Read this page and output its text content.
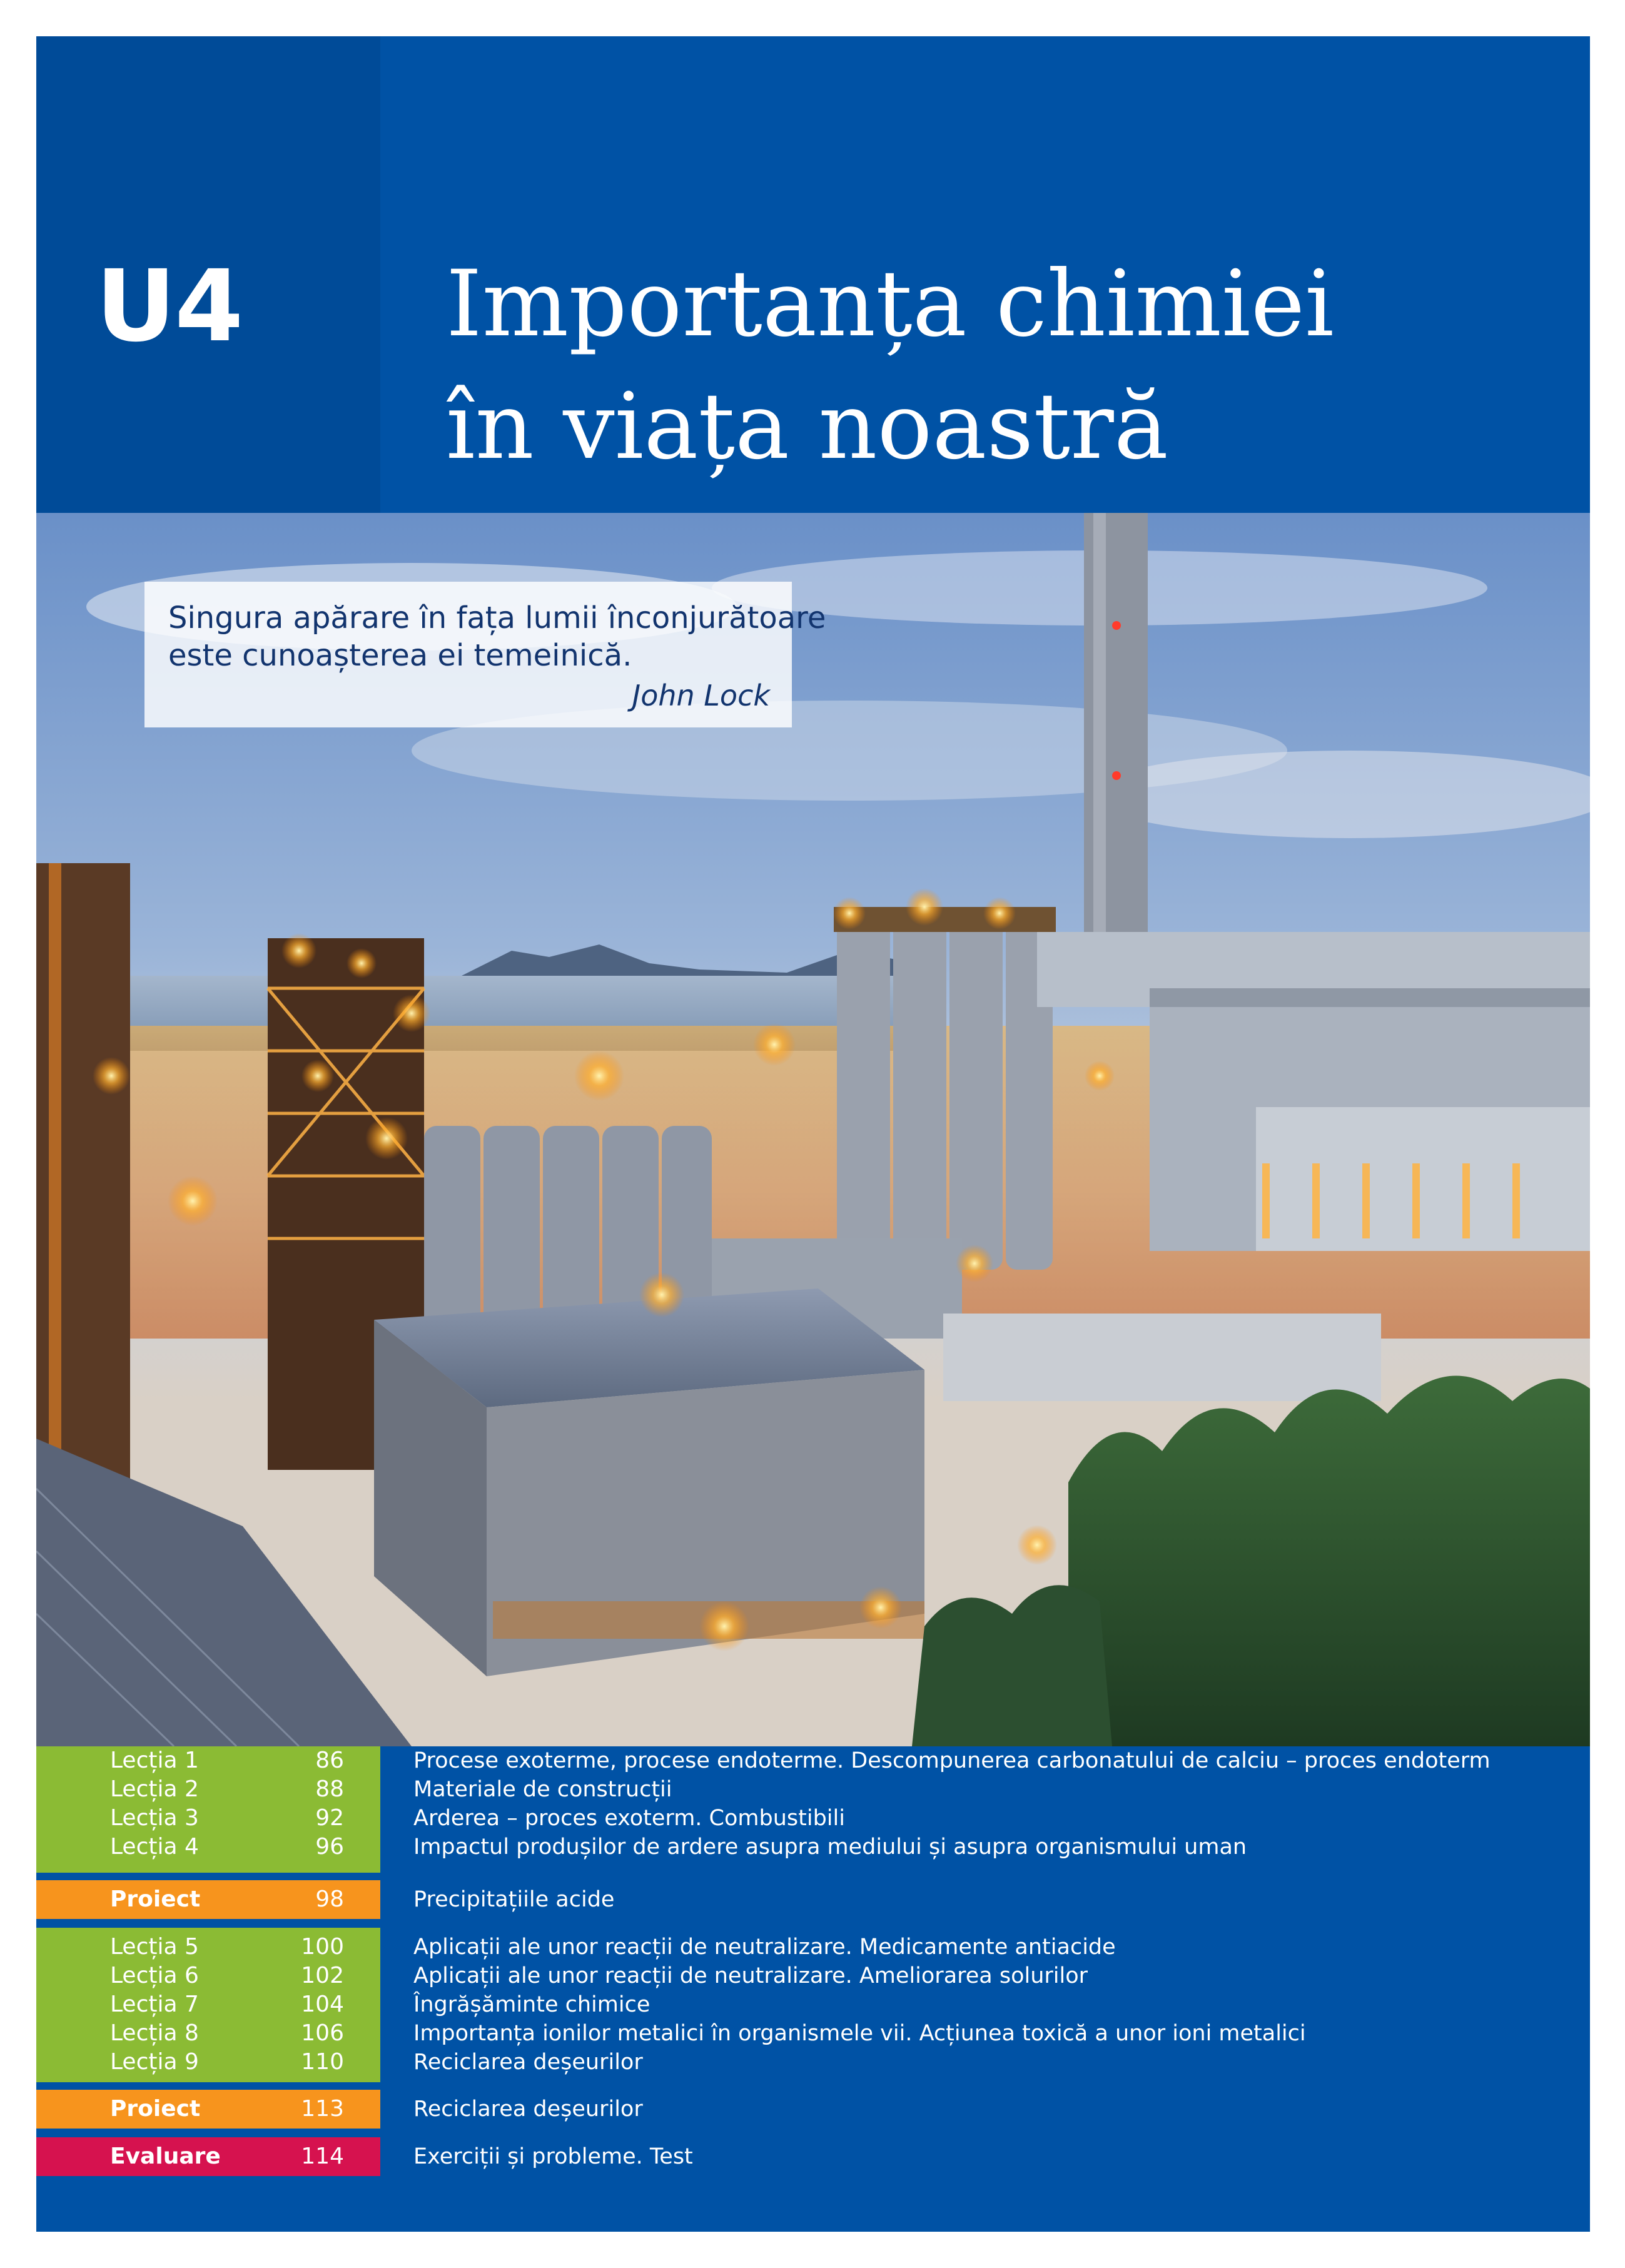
U4 Importanța chimiei
în viața noastră
Singura apărare în fața lumii înconjurătoare
este cunoașterea ei temeinică.
John Lock
Lecția 1	86	Procese exoterme, procese endoterme. Descompunerea carbonatului de calciu – proces endoterm
Lecția 2	88	Materiale de construcții
Lecția 3	92	Arderea – proces exoterm. Combustibili
Lecția 4	96	Impactul produșilor de ardere asupra mediului și asupra organismului uman
Proiect	98	Precipitațiile acide
Lecția 5	100	Aplicații ale unor reacții de neutralizare. Medicamente antiacide
Lecția 6	102	Aplicații ale unor reacții de neutralizare. Ameliorarea solurilor
Lecția 7	104	Îngrășăminte chimice
Lecția 8	106	Importanța ionilor metalici în organismele vii. Acțiunea toxică a unor ioni metalici
Lecția 9	110	Reciclarea deșeurilor
Proiect	113	Reciclarea deșeurilor
Evaluare	114	Exerciții și probleme. Test
